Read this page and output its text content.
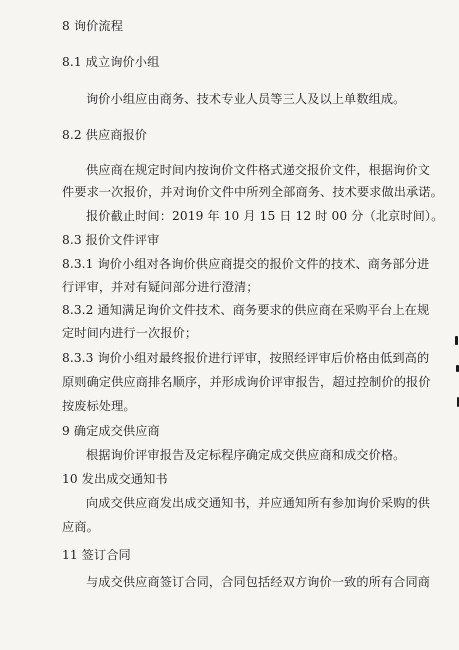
8 询价流程
8.1 成立询价小组
询价小组应由商务、技术专业人员等三人及以上单数组成。
8.2 供应商报价
供应商在规定时间内按询价文件格式递交报价文件，根据询价文
件要求一次报价，并对询价文件中所列全部商务、技术要求做出承诺。
报价截止时间：2019 年 10 月 15 日 12 时 00 分（北京时间）。
8.3 报价文件评审
8.3.1 询价小组对各询价供应商提交的报价文件的技术、商务部分进
行评审，并对有疑问部分进行澄清；
8.3.2 通知满足询价文件技术、商务要求的供应商在采购平台上在规
定时间内进行一次报价；
8.3.3 询价小组对最终报价进行评审，按照经评审后价格由低到高的
原则确定供应商排名顺序，并形成询价评审报告，超过控制价的报价
按废标处理。
9 确定成交供应商
根据询价评审报告及定标程序确定成交供应商和成交价格。
10 发出成交通知书
向成交供应商发出成交通知书，并应通知所有参加询价采购的供
应商。
11 签订合同
与成交供应商签订合同，合同包括经双方询价一致的所有合同商
